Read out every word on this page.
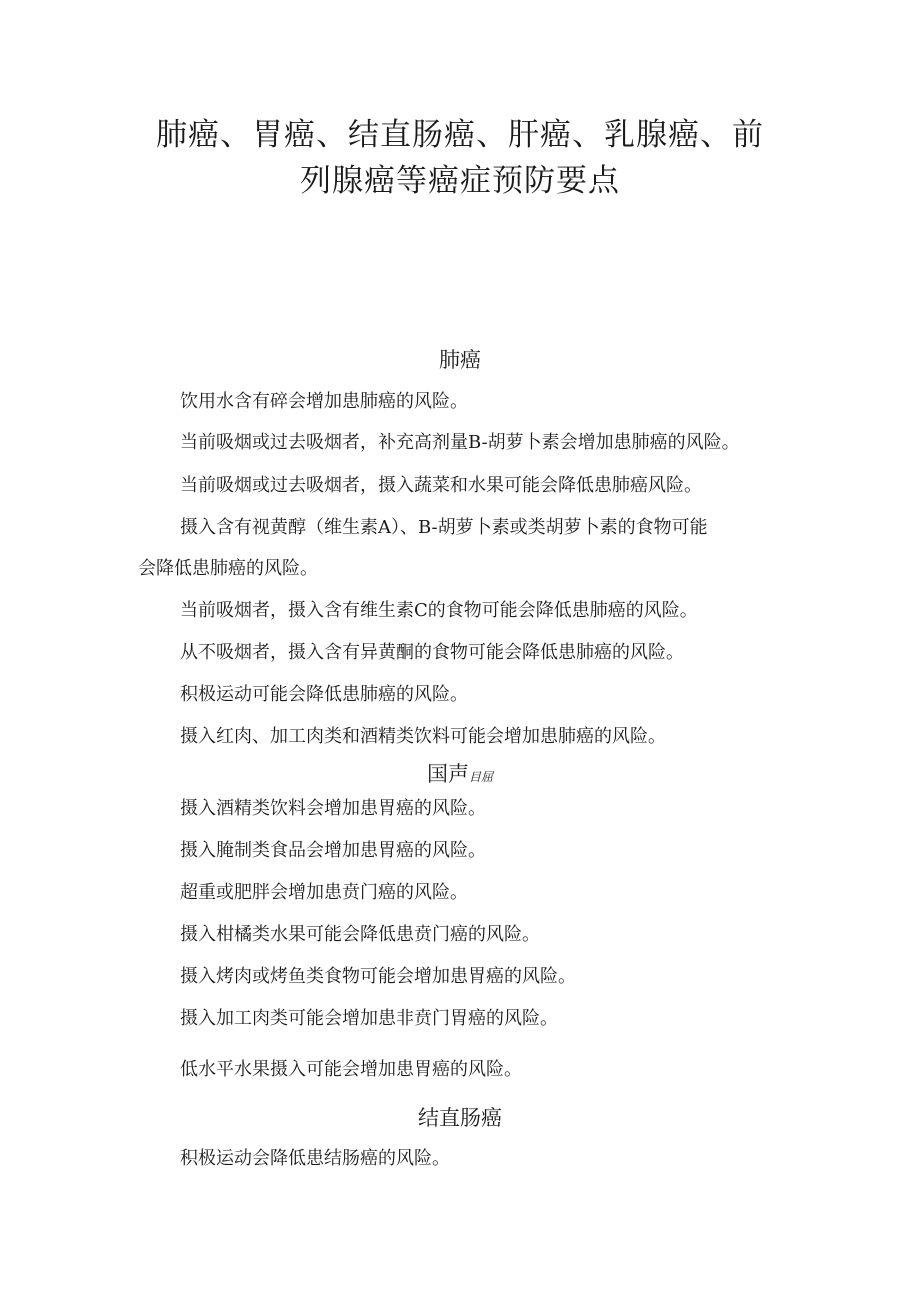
肺癌、胃癌、结直肠癌、肝癌、乳腺癌、前
列腺癌等癌症预防要点
肺癌

饮用水含有碎会增加患肺癌的风险。

当前吸烟或过去吸烟者，补充高剂量B-胡萝卜素会增加患肺癌的风险。

当前吸烟或过去吸烟者，摄入蔬菜和水果可能会降低患肺癌风险。

摄入含有视黄醇（维生素A）、B-胡萝卜素或类胡萝卜素的食物可能

会降低患肺癌的风险。

当前吸烟者，摄入含有维生素C的食物可能会降低患肺癌的风险。

从不吸烟者，摄入含有异黄酮的食物可能会降低患肺癌的风险。

积极运动可能会降低患肺癌的风险。

摄入红肉、加工肉类和酒精类饮料可能会增加患肺癌的风险。

国声目屈

摄入酒精类饮料会增加患胃癌的风险。

摄入腌制类食品会增加患胃癌的风险。

超重或肥胖会增加患贲门癌的风险。

摄入柑橘类水果可能会降低患贲门癌的风险。

摄入烤肉或烤鱼类食物可能会增加患胃癌的风险。

摄入加工肉类可能会增加患非贲门胃癌的风险。

低水平水果摄入可能会增加患胃癌的风险。

结直肠癌

积极运动会降低患结肠癌的风险。
